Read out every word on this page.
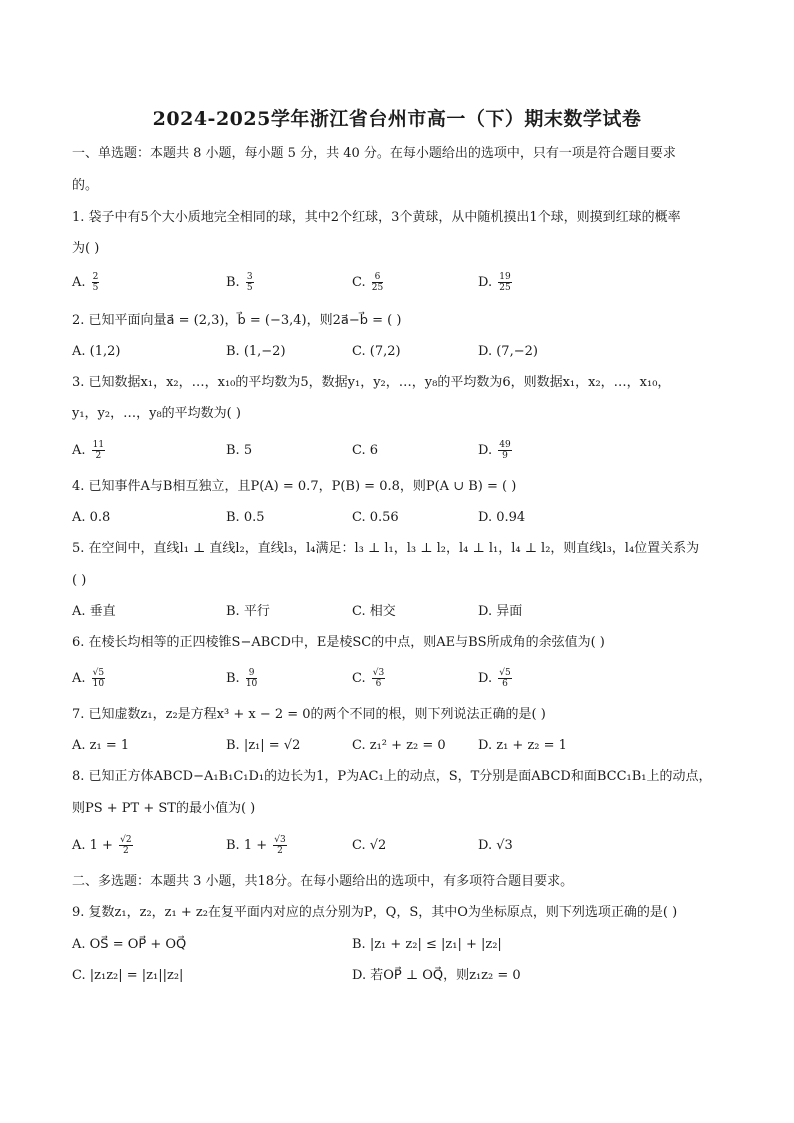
2024-2025学年浙江省台州市高一（下）期末数学试卷
一、单选题：本题共 8 小题，每小题 5 分，共 40 分。在每小题给出的选项中，只有一项是符合题目要求
的。
1. 袋子中有5个大小质地完全相同的球，其中2个红球，3个黄球，从中随机摸出1个球，则摸到红球的概率
为( )
A. $\frac{2}{5}$	B. $\frac{3}{5}$	C. $\frac{6}{25}$	D. $\frac{19}{25}$
2. 已知平面向量a⃗ = (2,3)，b⃗ = (−3,4)，则2a⃗−b⃗ = ( )
A. (1,2)	B. (1,−2)	C. (7,2)	D. (7,−2)
3. 已知数据x₁，x₂，…，x₁₀的平均数为5，数据y₁，y₂，…，y₈的平均数为6，则数据x₁，x₂，…，x₁₀，
y₁，y₂，…，y₈的平均数为( )
A. $\frac{11}{2}$	B. 5	C. 6	D. $\frac{49}{9}$
4. 已知事件A与B相互独立，且P(A) = 0.7，P(B) = 0.8，则P(A ∪ B) = ( )
A. 0.8	B. 0.5	C. 0.56	D. 0.94
5. 在空间中，直线l₁ ⊥ 直线l₂，直线l₃，l₄满足：l₃ ⊥ l₁，l₃ ⊥ l₂，l₄ ⊥ l₁，l₄ ⊥ l₂，则直线l₃，l₄位置关系为
( )
A. 垂直	B. 平行	C. 相交	D. 异面
6. 在棱长均相等的正四棱锥S−ABCD中，E是棱SC的中点，则AE与BS所成角的余弦值为( )
A. $\frac{√5}{10}$	B. $\frac{9}{10}$	C. $\frac{√3}{6}$	D. $\frac{√5}{6}$
7. 已知虚数z₁，z₂是方程x³ + x − 2 = 0的两个不同的根，则下列说法正确的是( )
A. z₁ = 1	B. |z₁| = √2	C. z₁² + z₂ = 0 D. z₁ + z₂ = 1
8. 已知正方体ABCD−A₁B₁C₁D₁的边长为1，P为AC₁上的动点，S，T分别是面ABCD和面BCC₁B₁上的动点，
则PS + PT + ST的最小值为( )
A. $1 + \frac{√2}{2}$	B. $1 + \frac{√3}{2}$	C. √2	D. √3
二、多选题：本题共 3 小题，共18分。在每小题给出的选项中，有多项符合题目要求。
9. 复数z₁，z₂，z₁ + z₂在复平面内对应的点分别为P，Q，S，其中O为坐标原点，则下列选项正确的是( )
A. OS⃗ = OP⃗ + OQ⃗	B. |z₁ + z₂| ≤ |z₁| + |z₂|
C. |z₁z₂| = |z₁||z₂|	D. 若OP⃗ ⊥ OQ⃗，则z₁z₂ = 0
